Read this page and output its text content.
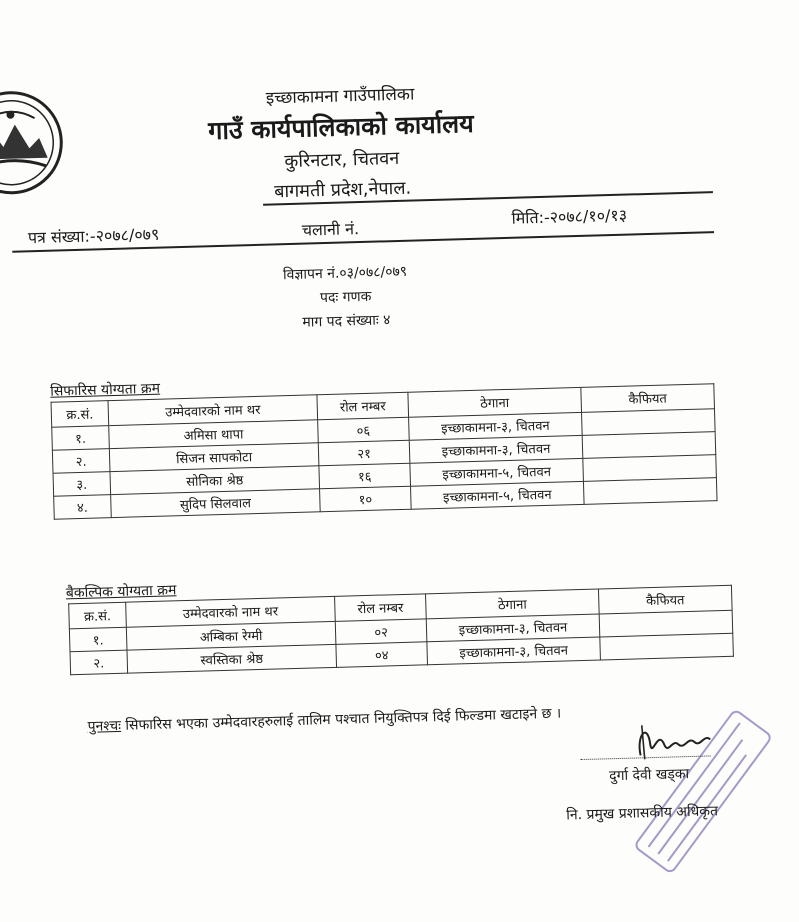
इच्छाकामना गाउँपालिका
गाउँ कार्यपालिकाको कार्यालय
कुरिनटार, चितवन
बागमती प्रदेश,नेपाल.
पत्र संख्या:-२०७८/०७९	चलानी नं.
मिति:-२०७८/१०/१३
विज्ञापन नं.०३/०७८/०७९
पदः गणक
माग पद संख्याः ४
सिफारिस योग्यता क्रम
क्र.सं.	उम्मेदवारको नाम थर	रोल नम्बर	ठेगाना	कैफियत
१.	अमिसा थापा	०६	इच्छाकामना-३, चितवन	
२.	सिजन सापकोटा	२१	इच्छाकामना-३, चितवन	
३.	सोनिका श्रेष्ठ	१६	इच्छाकामना-५, चितवन	
४.	सुदिप सिलवाल	१०	इच्छाकामना-५, चितवन	
बैकल्पिक योग्यता क्रम
क्र.सं.	उम्मेदवारको नाम थर	रोल नम्बर	ठेगाना	कैफियत
१.	अम्बिका रेग्मी	०२	इच्छाकामना-३, चितवन	
२.	स्वस्तिका श्रेष्ठ	०४	इच्छाकामना-३, चितवन	
पुनश्चः सिफारिस भएका उम्मेदवारहरुलाई तालिम पश्चात नियुक्तिपत्र दिई फिल्डमा खटाइने छ ।
दुर्गा देवी खड्का
नि. प्रमुख प्रशासकीय अधिकृत
